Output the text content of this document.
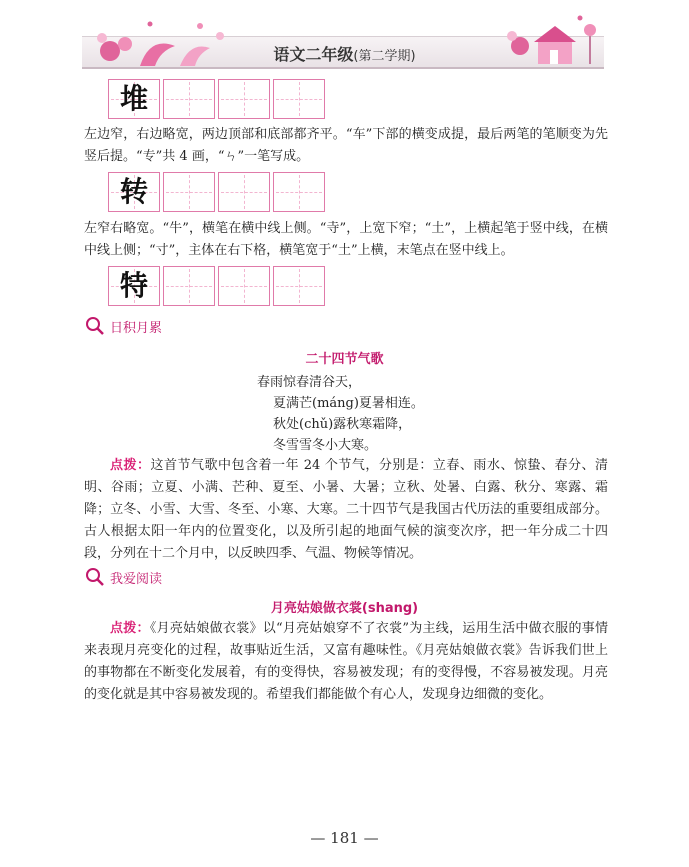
语文二年级(第二学期)
堆
左边窄，右边略宽，两边顶部和底部都齐平。“车”下部的横变成提，最后两笔的笔顺变为先竖后提。“专”共 4 画，“ㄣ”一笔写成。
转
左窄右略宽。“牛”，横笔在横中线上侧。“寺”，上宽下窄；“土”，上横起笔于竖中线，在横中线上侧；“寸”，主体在右下格，横笔宽于“土”上横，末笔点在竖中线上。
特
日积月累
二十四节气歌
春雨惊春清谷天，
夏满芒(máng)夏暑相连。
秋处(chǔ)露秋寒霜降，
冬雪雪冬小大寒。
点拨：这首节气歌中包含着一年 24 个节气，分别是：立春、雨水、惊蛰、春分、清明、谷雨；立夏、小满、芒种、夏至、小暑、大暑；立秋、处暑、白露、秋分、寒露、霜降；立冬、小雪、大雪、冬至、小寒、大寒。二十四节气是我国古代历法的重要组成部分。古人根据太阳一年内的位置变化，以及所引起的地面气候的演变次序，把一年分成二十四段，分列在十二个月中，以反映四季、气温、物候等情况。
我爱阅读
月亮姑娘做衣裳(shang)
点拨：《月亮姑娘做衣裳》以“月亮姑娘穿不了衣裳”为主线，运用生活中做衣服的事情来表现月亮变化的过程，故事贴近生活，又富有趣味性。《月亮姑娘做衣裳》告诉我们世上的事物都在不断变化发展着，有的变得快，容易被发现；有的变得慢，不容易被发现。月亮的变化就是其中容易被发现的。希望我们都能做个有心人，发现身边细微的变化。
— 181 —
